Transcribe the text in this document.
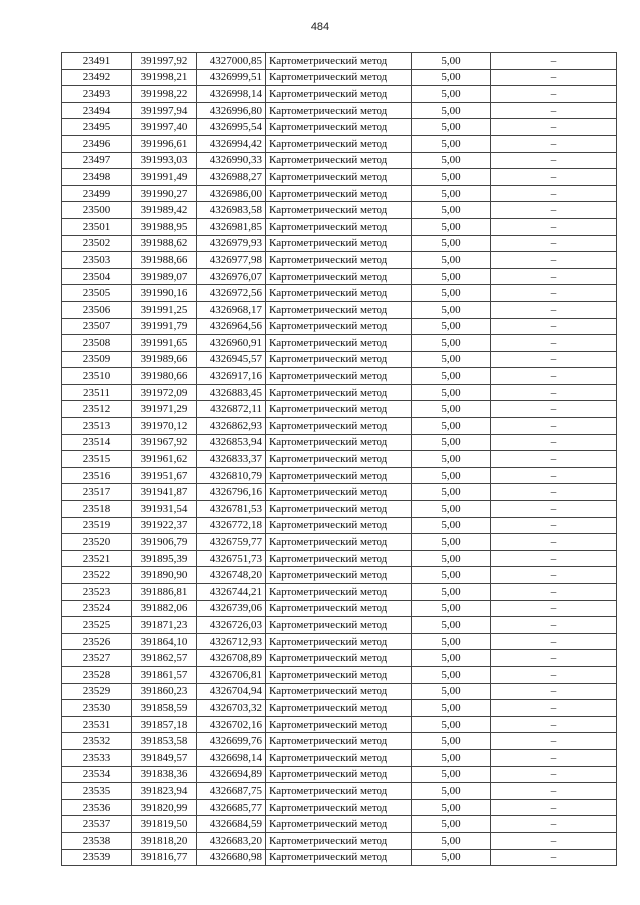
484
23491	391997,92	4327000,85	Картометрический метод	5,00	–
23492	391998,21	4326999,51	Картометрический метод	5,00	–
23493	391998,22	4326998,14	Картометрический метод	5,00	–
23494	391997,94	4326996,80	Картометрический метод	5,00	–
23495	391997,40	4326995,54	Картометрический метод	5,00	–
23496	391996,61	4326994,42	Картометрический метод	5,00	–
23497	391993,03	4326990,33	Картометрический метод	5,00	–
23498	391991,49	4326988,27	Картометрический метод	5,00	–
23499	391990,27	4326986,00	Картометрический метод	5,00	–
23500	391989,42	4326983,58	Картометрический метод	5,00	–
23501	391988,95	4326981,85	Картометрический метод	5,00	–
23502	391988,62	4326979,93	Картометрический метод	5,00	–
23503	391988,66	4326977,98	Картометрический метод	5,00	–
23504	391989,07	4326976,07	Картометрический метод	5,00	–
23505	391990,16	4326972,56	Картометрический метод	5,00	–
23506	391991,25	4326968,17	Картометрический метод	5,00	–
23507	391991,79	4326964,56	Картометрический метод	5,00	–
23508	391991,65	4326960,91	Картометрический метод	5,00	–
23509	391989,66	4326945,57	Картометрический метод	5,00	–
23510	391980,66	4326917,16	Картометрический метод	5,00	–
23511	391972,09	4326883,45	Картометрический метод	5,00	–
23512	391971,29	4326872,11	Картометрический метод	5,00	–
23513	391970,12	4326862,93	Картометрический метод	5,00	–
23514	391967,92	4326853,94	Картометрический метод	5,00	–
23515	391961,62	4326833,37	Картометрический метод	5,00	–
23516	391951,67	4326810,79	Картометрический метод	5,00	–
23517	391941,87	4326796,16	Картометрический метод	5,00	–
23518	391931,54	4326781,53	Картометрический метод	5,00	–
23519	391922,37	4326772,18	Картометрический метод	5,00	–
23520	391906,79	4326759,77	Картометрический метод	5,00	–
23521	391895,39	4326751,73	Картометрический метод	5,00	–
23522	391890,90	4326748,20	Картометрический метод	5,00	–
23523	391886,81	4326744,21	Картометрический метод	5,00	–
23524	391882,06	4326739,06	Картометрический метод	5,00	–
23525	391871,23	4326726,03	Картометрический метод	5,00	–
23526	391864,10	4326712,93	Картометрический метод	5,00	–
23527	391862,57	4326708,89	Картометрический метод	5,00	–
23528	391861,57	4326706,81	Картометрический метод	5,00	–
23529	391860,23	4326704,94	Картометрический метод	5,00	–
23530	391858,59	4326703,32	Картометрический метод	5,00	–
23531	391857,18	4326702,16	Картометрический метод	5,00	–
23532	391853,58	4326699,76	Картометрический метод	5,00	–
23533	391849,57	4326698,14	Картометрический метод	5,00	–
23534	391838,36	4326694,89	Картометрический метод	5,00	–
23535	391823,94	4326687,75	Картометрический метод	5,00	–
23536	391820,99	4326685,77	Картометрический метод	5,00	–
23537	391819,50	4326684,59	Картометрический метод	5,00	–
23538	391818,20	4326683,20	Картометрический метод	5,00	–
23539	391816,77	4326680,98	Картометрический метод	5,00	–
